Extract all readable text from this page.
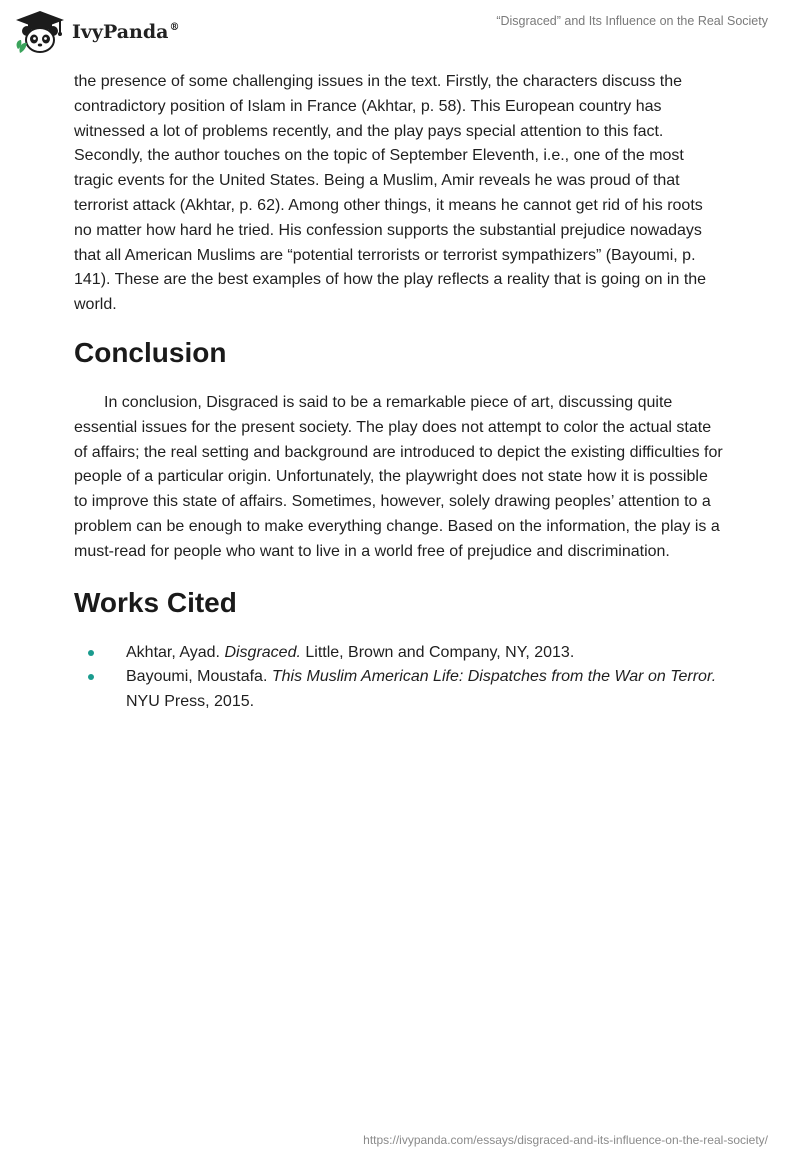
IvyPanda®	“Disgraced” and Its Influence on the Real Society

the presence of some challenging issues in the text. Firstly, the characters discuss the contradictory position of Islam in France (Akhtar, p. 58). This European country has witnessed a lot of problems recently, and the play pays special attention to this fact. Secondly, the author touches on the topic of September Eleventh, i.e., one of the most tragic events for the United States. Being a Muslim, Amir reveals he was proud of that terrorist attack (Akhtar, p. 62). Among other things, it means he cannot get rid of his roots no matter how hard he tried. His confession supports the substantial prejudice nowadays that all American Muslims are “potential terrorists or terrorist sympathizers” (Bayoumi, p. 141). These are the best examples of how the play reflects a reality that is going on in the world.

Conclusion

In conclusion, Disgraced is said to be a remarkable piece of art, discussing quite essential issues for the present society. The play does not attempt to color the actual state of affairs; the real setting and background are introduced to depict the existing difficulties for people of a particular origin. Unfortunately, the playwright does not state how it is possible to improve this state of affairs. Sometimes, however, solely drawing peoples’ attention to a problem can be enough to make everything change. Based on the information, the play is a must-read for people who want to live in a world free of prejudice and discrimination.

Works Cited
Akhtar, Ayad. Disgraced. Little, Brown and Company, NY, 2013.
Bayoumi, Moustafa. This Muslim American Life: Dispatches from the War on Terror. NYU Press, 2015.
https://ivypanda.com/essays/disgraced-and-its-influence-on-the-real-society/
